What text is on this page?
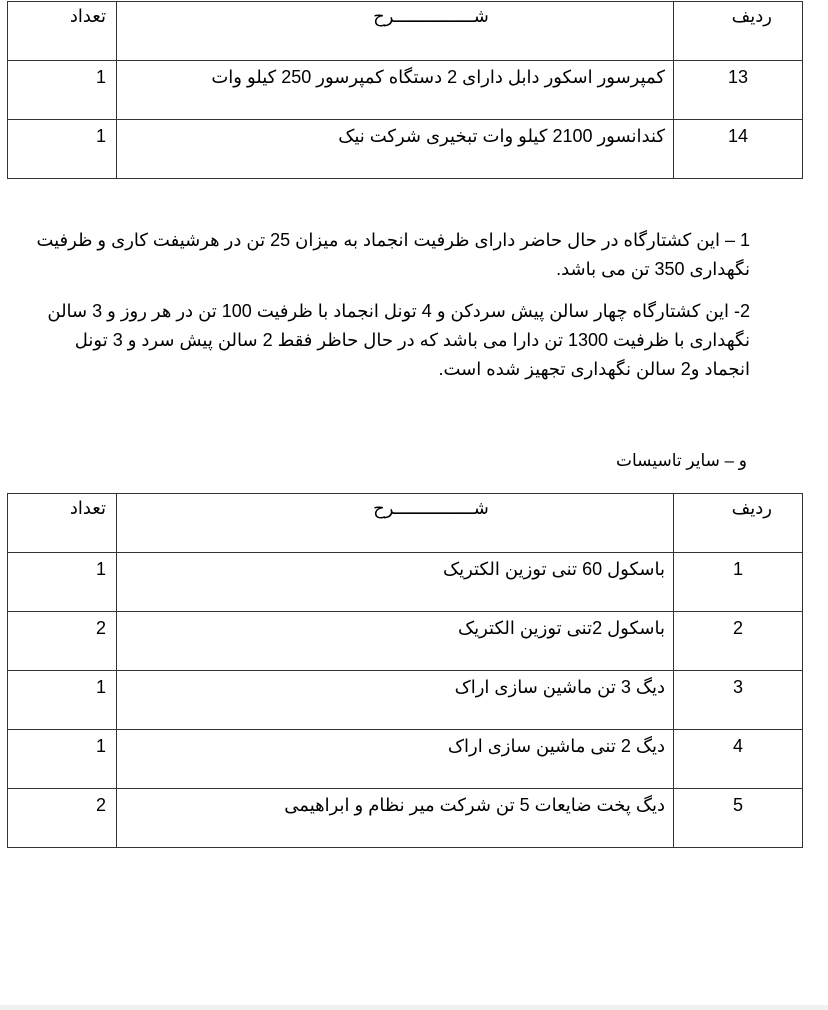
ردیف	شـــــــــــــــرح	تعداد
13	کمپرسور اسکور دابل دارای 2 دستگاه کمپرسور 250 کیلو وات	1
14	کندانسور 2100 کیلو وات تبخیری شرکت نیک	1

1 – این کشتارگاه در حال حاضر دارای ظرفیت انجماد به میزان 25 تن در هرشیفت کاری و ظرفیت نگهداری 350 تن می باشد.

2- این کشتارگاه چهار سالن پیش سردکن و 4 تونل انجماد با ظرفیت 100 تن در هر روز و 3 سالن نگهداری با ظرفیت 1300 تن دارا می باشد که در حال حاظر فقط 2 سالن پیش سرد و 3 تونل انجماد و2 سالن نگهداری تجهیز شده است.

و – سایر تاسیسات
ردیف	شـــــــــــــــرح	تعداد
1	باسکول 60 تنی توزین الکتریک	1
2	باسکول 2تنی توزین الکتریک	2
3	دیگ 3 تن ماشین سازی اراک	1
4	دیگ 2 تنی ماشین سازی اراک	1
5	دیگ پخت ضایعات 5 تن شرکت میر نظام و ابراهیمی	2
